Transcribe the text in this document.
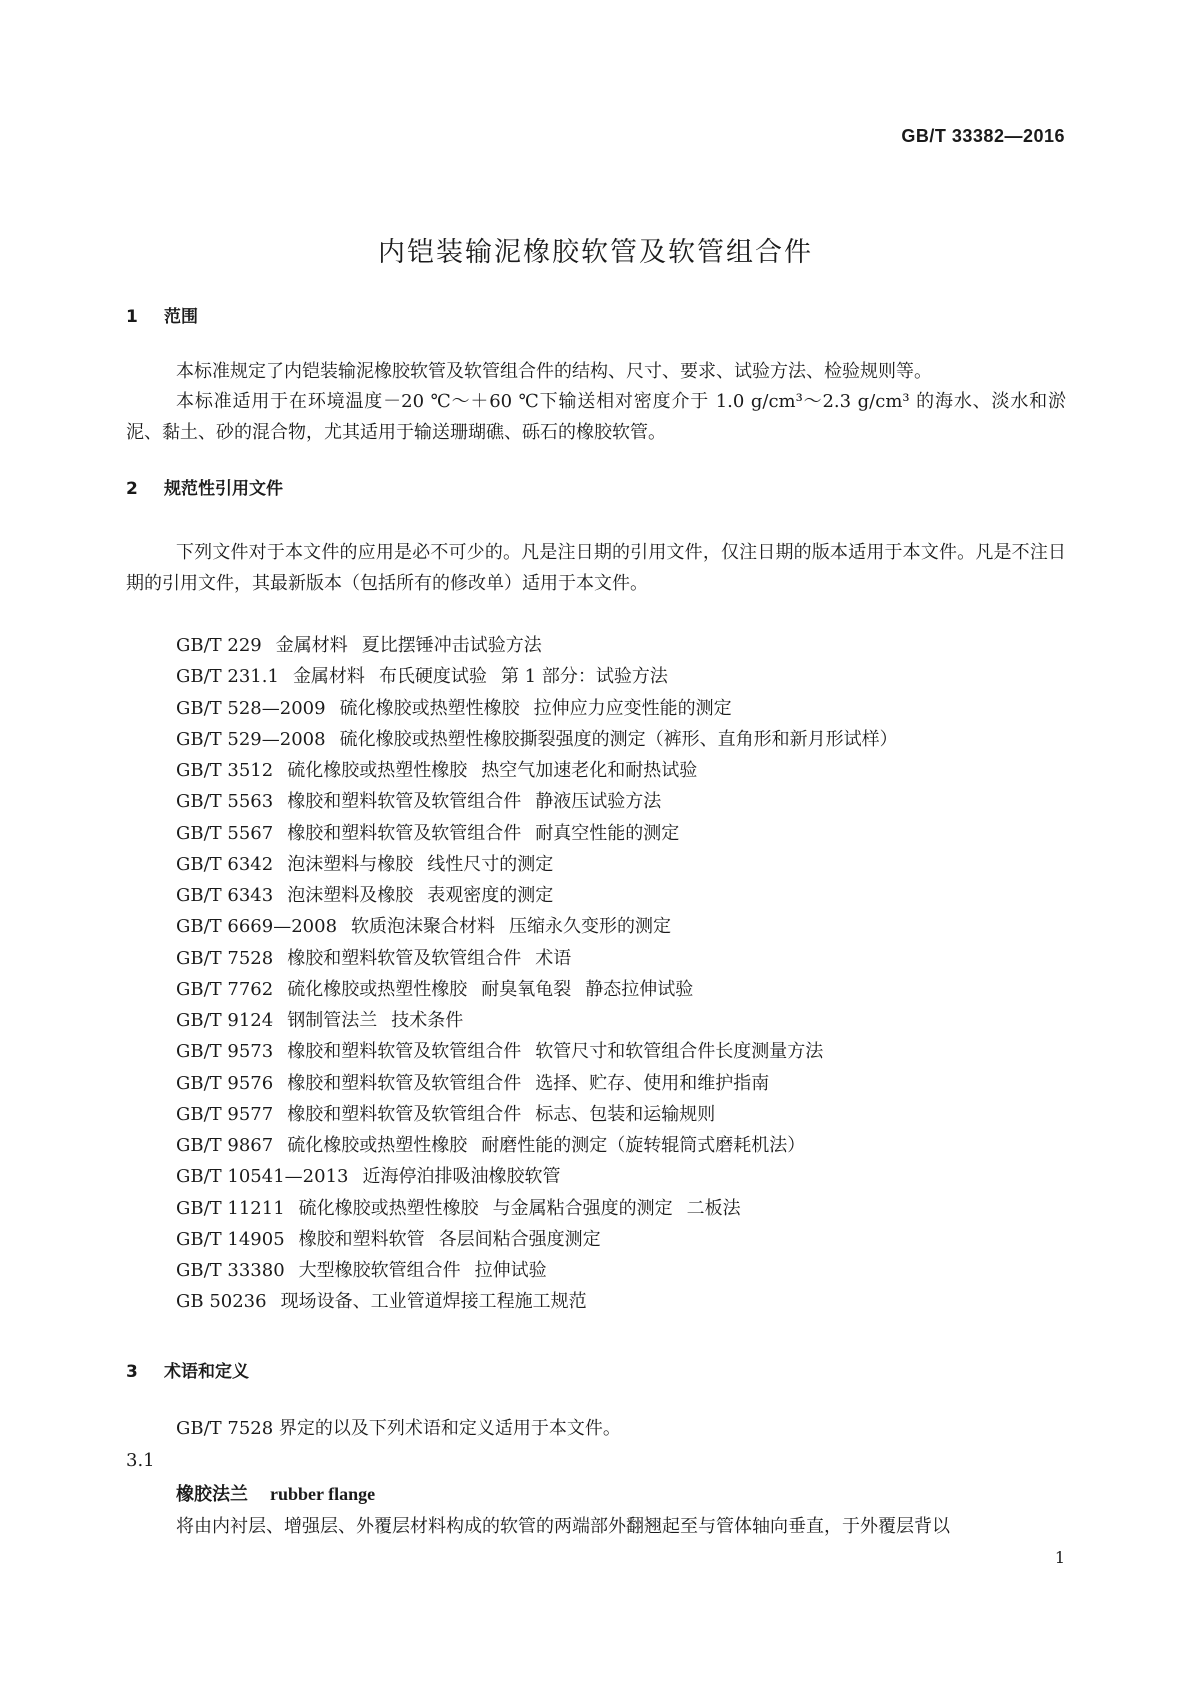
GB/T 33382—2016
内铠装输泥橡胶软管及软管组合件
1 范围
本标准规定了内铠装输泥橡胶软管及软管组合件的结构、尺寸、要求、试验方法、检验规则等。
本标准适用于在环境温度－20 ℃～＋60 ℃下输送相对密度介于 1.0 g/cm³～2.3 g/cm³ 的海水、淡水和淤泥、黏土、砂的混合物，尤其适用于输送珊瑚礁、砾石的橡胶软管。
2 规范性引用文件
下列文件对于本文件的应用是必不可少的。凡是注日期的引用文件，仅注日期的版本适用于本文件。凡是不注日期的引用文件，其最新版本（包括所有的修改单）适用于本文件。
GB/T 229 金属材料 夏比摆锤冲击试验方法
GB/T 231.1 金属材料 布氏硬度试验 第 1 部分：试验方法
GB/T 528—2009 硫化橡胶或热塑性橡胶 拉伸应力应变性能的测定
GB/T 529—2008 硫化橡胶或热塑性橡胶撕裂强度的测定（裤形、直角形和新月形试样）
GB/T 3512 硫化橡胶或热塑性橡胶 热空气加速老化和耐热试验
GB/T 5563 橡胶和塑料软管及软管组合件 静液压试验方法
GB/T 5567 橡胶和塑料软管及软管组合件 耐真空性能的测定
GB/T 6342 泡沫塑料与橡胶 线性尺寸的测定
GB/T 6343 泡沫塑料及橡胶 表观密度的测定
GB/T 6669—2008 软质泡沫聚合材料 压缩永久变形的测定
GB/T 7528 橡胶和塑料软管及软管组合件 术语
GB/T 7762 硫化橡胶或热塑性橡胶 耐臭氧龟裂 静态拉伸试验
GB/T 9124 钢制管法兰 技术条件
GB/T 9573 橡胶和塑料软管及软管组合件 软管尺寸和软管组合件长度测量方法
GB/T 9576 橡胶和塑料软管及软管组合件 选择、贮存、使用和维护指南
GB/T 9577 橡胶和塑料软管及软管组合件 标志、包装和运输规则
GB/T 9867 硫化橡胶或热塑性橡胶 耐磨性能的测定（旋转辊筒式磨耗机法）
GB/T 10541—2013 近海停泊排吸油橡胶软管
GB/T 11211 硫化橡胶或热塑性橡胶 与金属粘合强度的测定 二板法
GB/T 14905 橡胶和塑料软管 各层间粘合强度测定
GB/T 33380 大型橡胶软管组合件 拉伸试验
GB 50236 现场设备、工业管道焊接工程施工规范
3 术语和定义
GB/T 7528 界定的以及下列术语和定义适用于本文件。
3.1
橡胶法兰 rubber flange
将由内衬层、增强层、外覆层材料构成的软管的两端部外翻翘起至与管体轴向垂直，于外覆层背以
1
